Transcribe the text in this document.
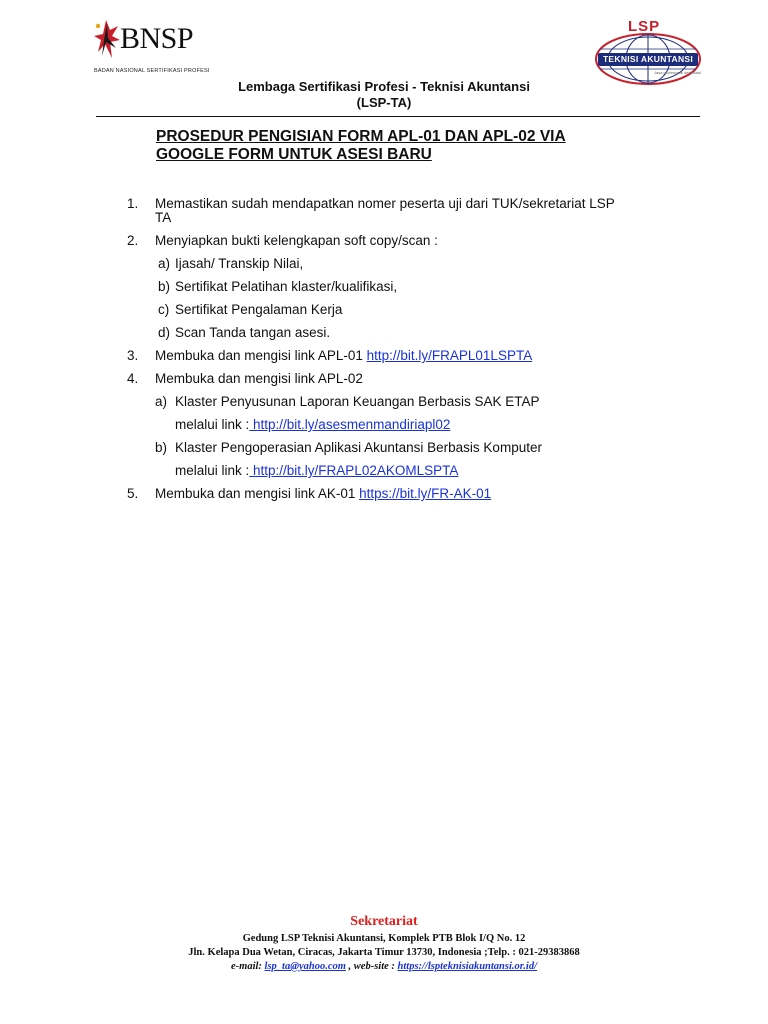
BNSP
BADAN NASIONAL SERTIFIKASI PROFESI
LSP
TEKNISI AKUNTANSI
Jasa profesional sertifikasi
Lembaga Sertifikasi Profesi - Teknisi Akuntansi
(LSP-TA)
PROSEDUR PENGISIAN FORM APL-01 DAN APL-02 VIA
GOOGLE FORM UNTUK ASESI BARU
1. Memastikan sudah mendapatkan nomer peserta uji dari TUK/sekretariat LSP
TA
2. Menyiapkan bukti kelengkapan soft copy/scan :
a) Ijasah/ Transkip Nilai,
b) Sertifikat Pelatihan klaster/kualifikasi,
c) Sertifikat Pengalaman Kerja
d) Scan Tanda tangan asesi.
3. Membuka dan mengisi link APL-01 http://bit.ly/FRAPL01LSPTA
4. Membuka dan mengisi link APL-02
a) Klaster Penyusunan Laporan Keuangan Berbasis SAK ETAP
melalui link : http://bit.ly/asesmenmandiriapl02
b) Klaster Pengoperasian Aplikasi Akuntansi Berbasis Komputer
melalui link : http://bit.ly/FRAPL02AKOMLSPTA
5. Membuka dan mengisi link AK-01 https://bit.ly/FR-AK-01
Sekretariat
Gedung LSP Teknisi Akuntansi, Komplek PTB Blok I/Q No. 12
Jln. Kelapa Dua Wetan, Ciracas, Jakarta Timur 13730, Indonesia ;Telp. : 021-29383868
e-mail: lsp_ta@yahoo.com , web-site : https://lspteknisiakuntansi.or.id/
